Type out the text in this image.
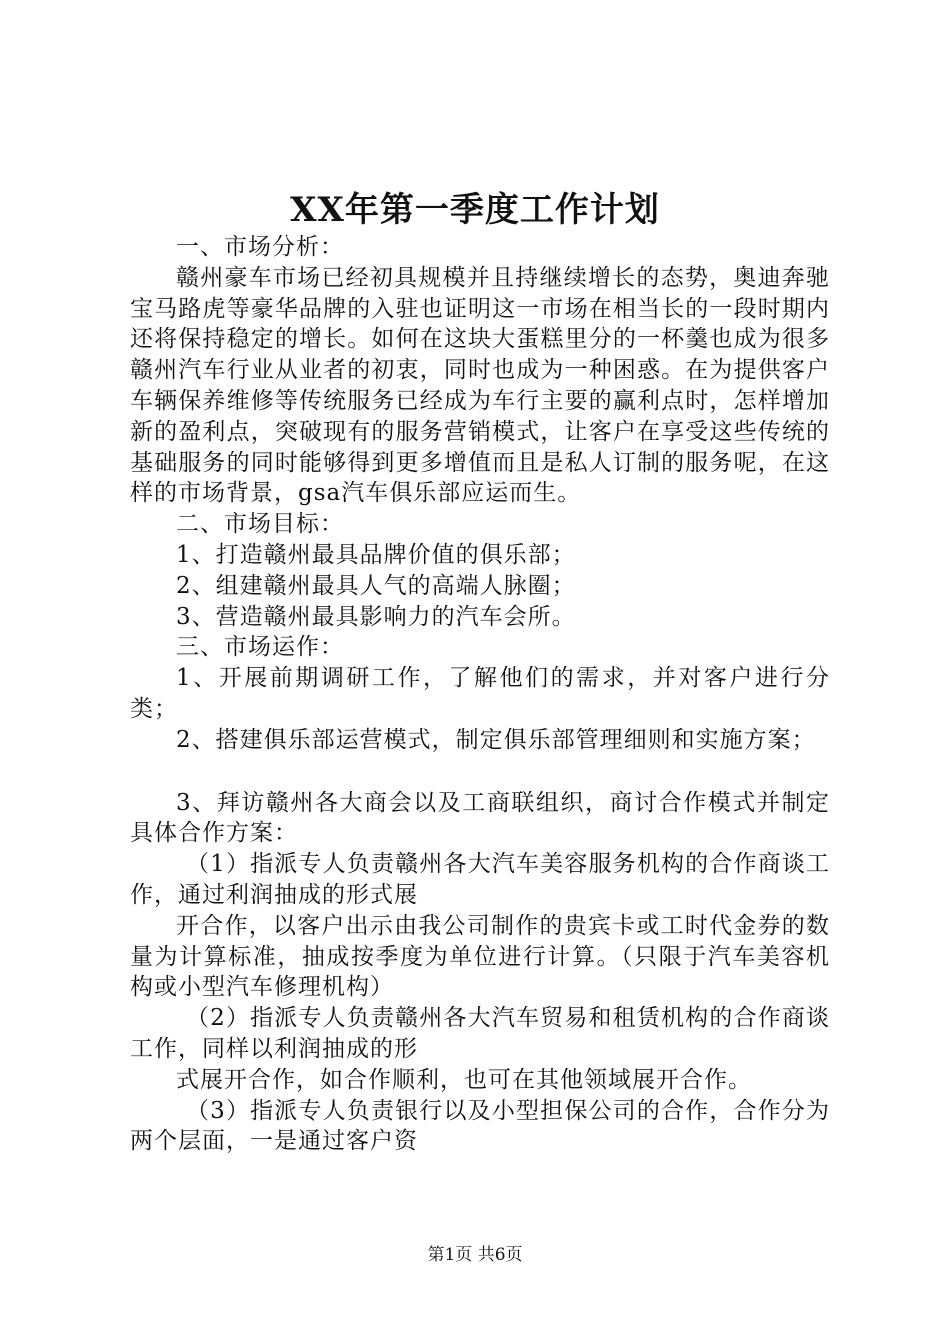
XX年第一季度工作计划

一、市场分析：

赣州豪车市场已经初具规模并且持继续增长的态势，奥迪奔驰宝马路虎等豪华品牌的入驻也证明这一市场在相当长的一段时期内还将保持稳定的增长。如何在这块大蛋糕里分的一杯羹也成为很多赣州汽车行业从业者的初衷，同时也成为一种困惑。在为提供客户车辆保养维修等传统服务已经成为车行主要的赢利点时，怎样增加新的盈利点，突破现有的服务营销模式，让客户在享受这些传统的基础服务的同时能够得到更多增值而且是私人订制的服务呢，在这样的市场背景，gsa汽车俱乐部应运而生。

二、市场目标：

1、打造赣州最具品牌价值的俱乐部；

2、组建赣州最具人气的高端人脉圈；

3、营造赣州最具影响力的汽车会所。

三、市场运作：

1、开展前期调研工作，了解他们的需求，并对客户进行分类；

2、搭建俱乐部运营模式，制定俱乐部管理细则和实施方案；

3、拜访赣州各大商会以及工商联组织，商讨合作模式并制定具体合作方案：

（1）指派专人负责赣州各大汽车美容服务机构的合作商谈工作，通过利润抽成的形式展

开合作，以客户出示由我公司制作的贵宾卡或工时代金券的数量为计算标准，抽成按季度为单位进行计算。（只限于汽车美容机构或小型汽车修理机构）

（2）指派专人负责赣州各大汽车贸易和租赁机构的合作商谈工作，同样以利润抽成的形

式展开合作，如合作顺利，也可在其他领域展开合作。

（3）指派专人负责银行以及小型担保公司的合作，合作分为两个层面，一是通过客户资

第1页 共6页
